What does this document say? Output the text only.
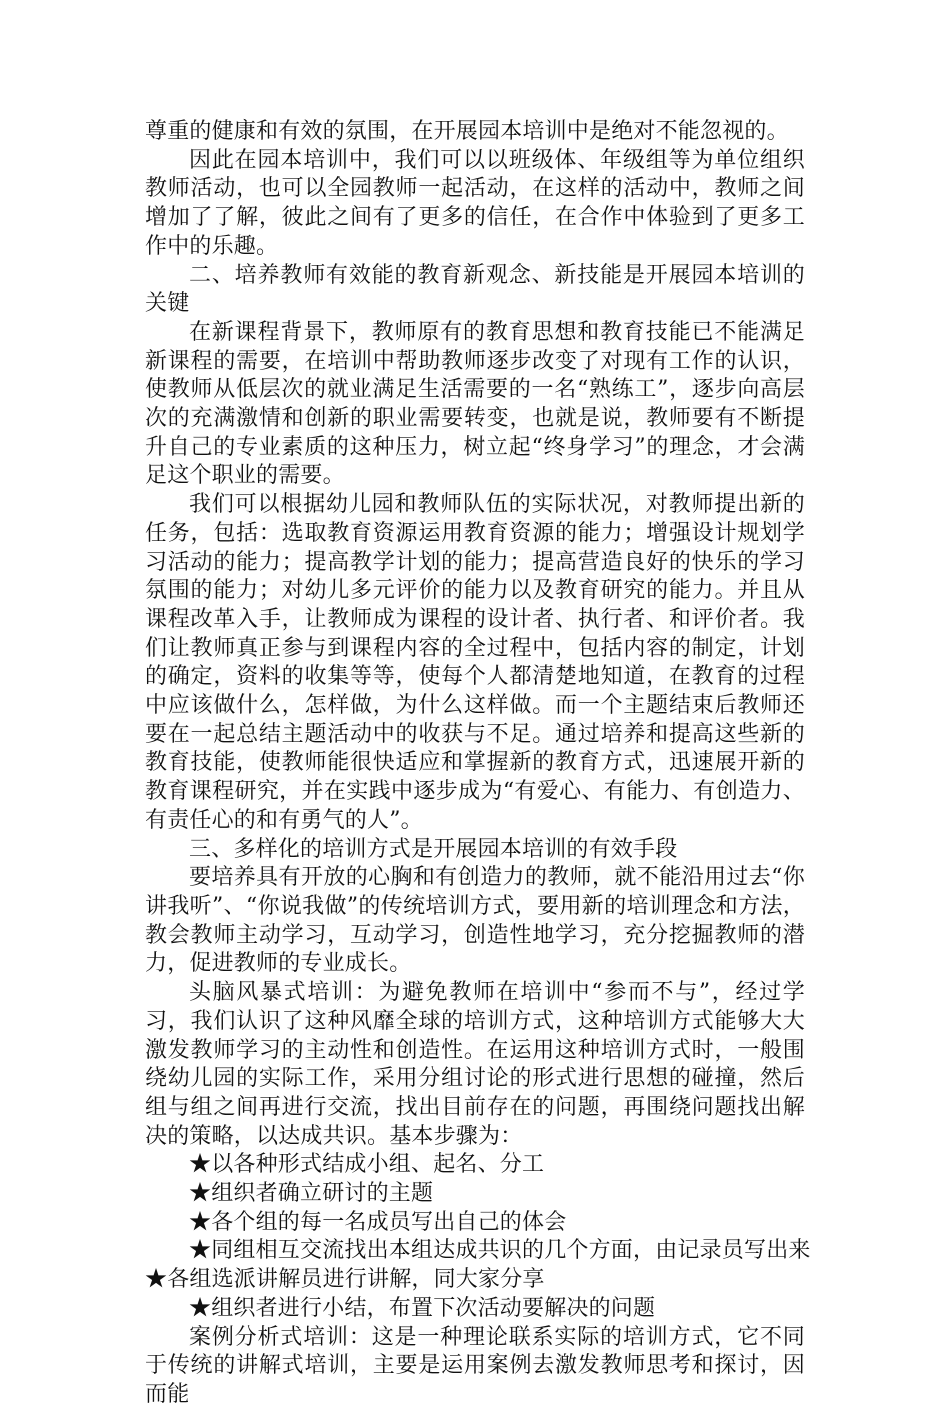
尊重的健康和有效的氛围，在开展园本培训中是绝对不能忽视的。

因此在园本培训中，我们可以以班级体、年级组等为单位组织教师活动，也可以全园教师一起活动，在这样的活动中，教师之间增加了了解，彼此之间有了更多的信任，在合作中体验到了更多工作中的乐趣。

二、培养教师有效能的教育新观念、新技能是开展园本培训的关键

在新课程背景下，教师原有的教育思想和教育技能已不能满足新课程的需要，在培训中帮助教师逐步改变了对现有工作的认识，使教师从低层次的就业满足生活需要的一名“熟练工”，逐步向高层次的充满激情和创新的职业需要转变，也就是说，教师要有不断提升自己的专业素质的这种压力，树立起“终身学习”的理念，才会满足这个职业的需要。

我们可以根据幼儿园和教师队伍的实际状况，对教师提出新的任务，包括：选取教育资源运用教育资源的能力；增强设计规划学习活动的能力；提高教学计划的能力；提高营造良好的快乐的学习氛围的能力；对幼儿多元评价的能力以及教育研究的能力。并且从课程改革入手，让教师成为课程的设计者、执行者、和评价者。我们让教师真正参与到课程内容的全过程中，包括内容的制定，计划的确定，资料的收集等等，使每个人都清楚地知道，在教育的过程中应该做什么，怎样做，为什么这样做。而一个主题结束后教师还要在一起总结主题活动中的收获与不足。通过培养和提高这些新的教育技能，使教师能很快适应和掌握新的教育方式，迅速展开新的教育课程研究，并在实践中逐步成为“有爱心、有能力、有创造力、有责任心的和有勇气的人”。

三、多样化的培训方式是开展园本培训的有效手段

要培养具有开放的心胸和有创造力的教师，就不能沿用过去“你讲我听”、“你说我做”的传统培训方式，要用新的培训理念和方法，教会教师主动学习，互动学习，创造性地学习，充分挖掘教师的潜力，促进教师的专业成长。

头脑风暴式培训：为避免教师在培训中“参而不与”，经过学习，我们认识了这种风靡全球的培训方式，这种培训方式能够大大激发教师学习的主动性和创造性。在运用这种培训方式时，一般围绕幼儿园的实际工作，采用分组讨论的形式进行思想的碰撞，然后组与组之间再进行交流，找出目前存在的问题，再围绕问题找出解决的策略，以达成共识。基本步骤为：

★以各种形式结成小组、起名、分工

★组织者确立研讨的主题

★各个组的每一名成员写出自己的体会

★同组相互交流找出本组达成共识的几个方面，由记录员写出来

★各组选派讲解员进行讲解，同大家分享

★组织者进行小结，布置下次活动要解决的问题

案例分析式培训：这是一种理论联系实际的培训方式，它不同于传统的讲解式培训，主要是运用案例去激发教师思考和探讨，因而能
